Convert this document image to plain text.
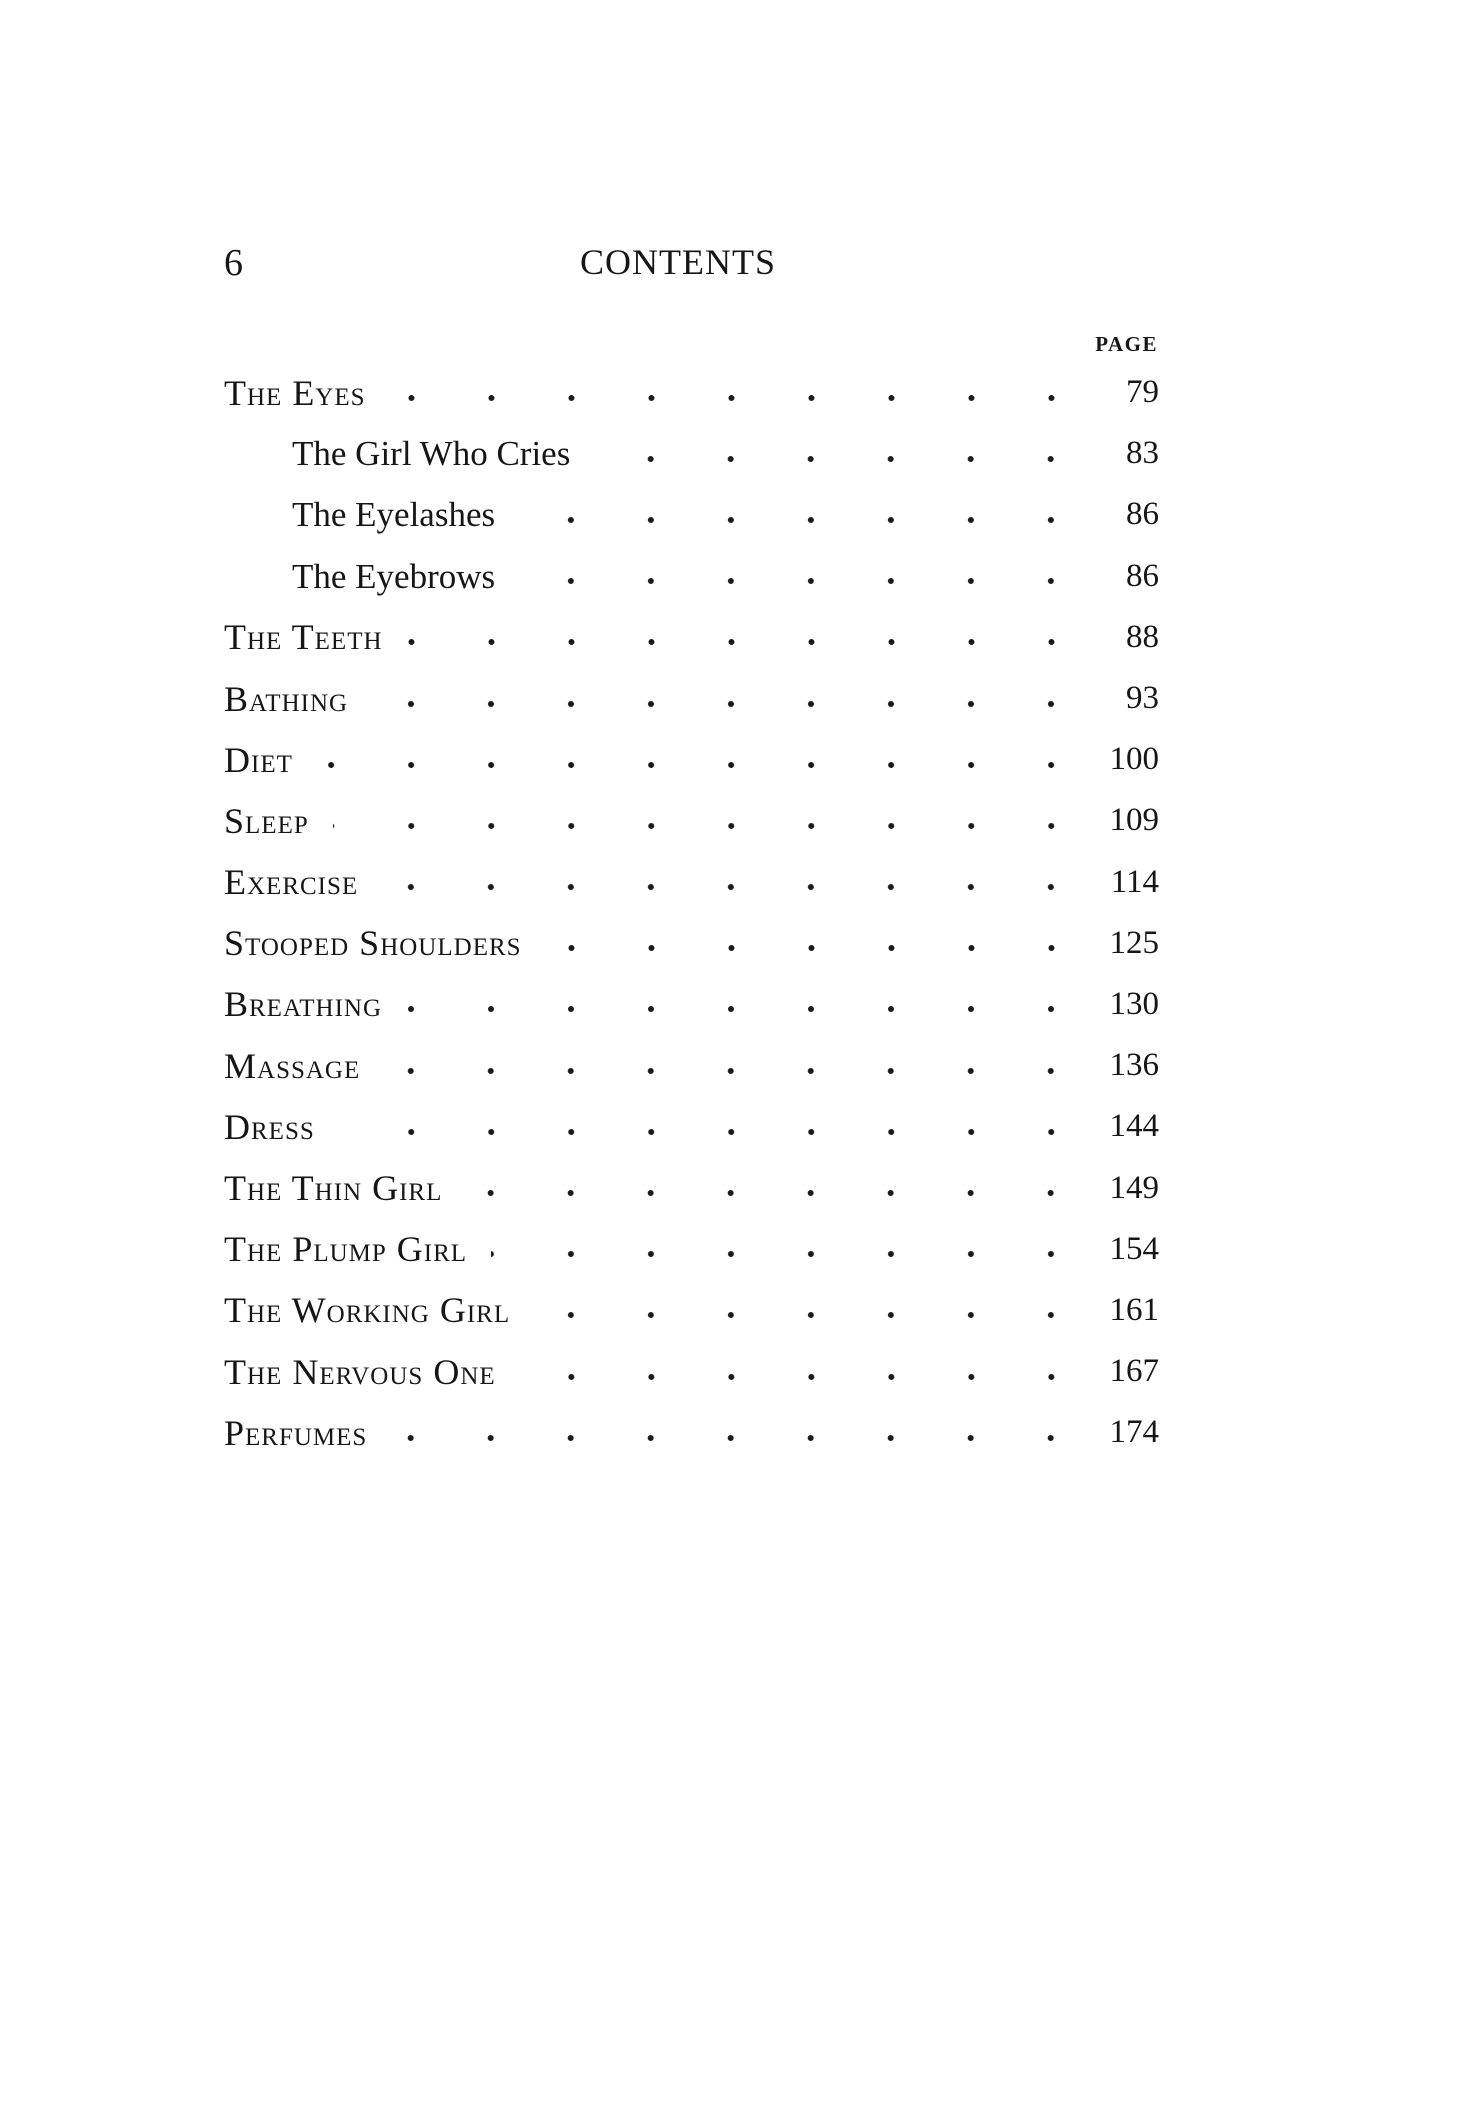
6	CONTENTS
PAGE
The Eyes	79
The Girl Who Cries	83
The Eyelashes	86
The Eyebrows	86
The Teeth	88
Bathing	93
Diet	100
Sleep	109
Exercise	114
Stooped Shoulders	125
Breathing	130
Massage	136
Dress	144
The Thin Girl	149
The Plump Girl	154
The Working Girl	161
The Nervous One	167
Perfumes	174
